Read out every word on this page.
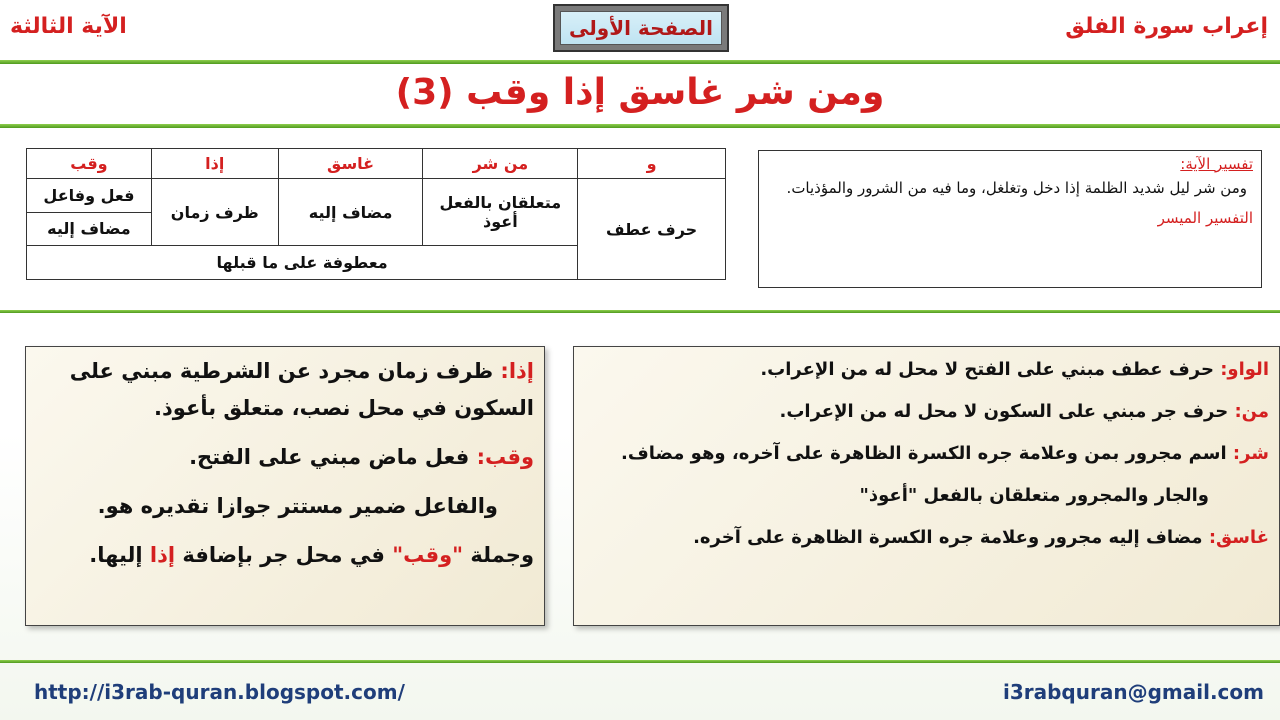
الآية الثالثة	الصفحة الأولى	إعراب سورة الفلق
ومن شر غاسق إذا وقب (3)
و	من شر	غاسق	إذا	وقب
حرف عطف	متعلقان بالفعل أعوذ	مضاف إليه	ظرف زمان	فعل وفاعل
				مضاف إليه
	معطوفة على ما قبلها			
تفسير الآية:
ومن شر ليل شديد الظلمة إذا دخل وتغلغل، وما فيه من الشرور والمؤذيات.
التفسير الميسر
إذا: ظرف زمان مجرد عن الشرطية مبني على السكون في محل نصب، متعلق بأعوذ.
وقب: فعل ماض مبني على الفتح.
والفاعل ضمير مستتر جوازا تقديره هو.
وجملة "وقب" في محل جر بإضافة إذا إليها.
الواو: حرف عطف مبني على الفتح لا محل له من الإعراب.
من: حرف جر مبني على السكون لا محل له من الإعراب.
شر: اسم مجرور بمن وعلامة جره الكسرة الظاهرة على آخره، وهو مضاف.
والجار والمجرور متعلقان بالفعل "أعوذ"
غاسق: مضاف إليه مجرور وعلامة جره الكسرة الظاهرة على آخره.
http://i3rab-quran.blogspot.com/	i3rabquran@gmail.com
